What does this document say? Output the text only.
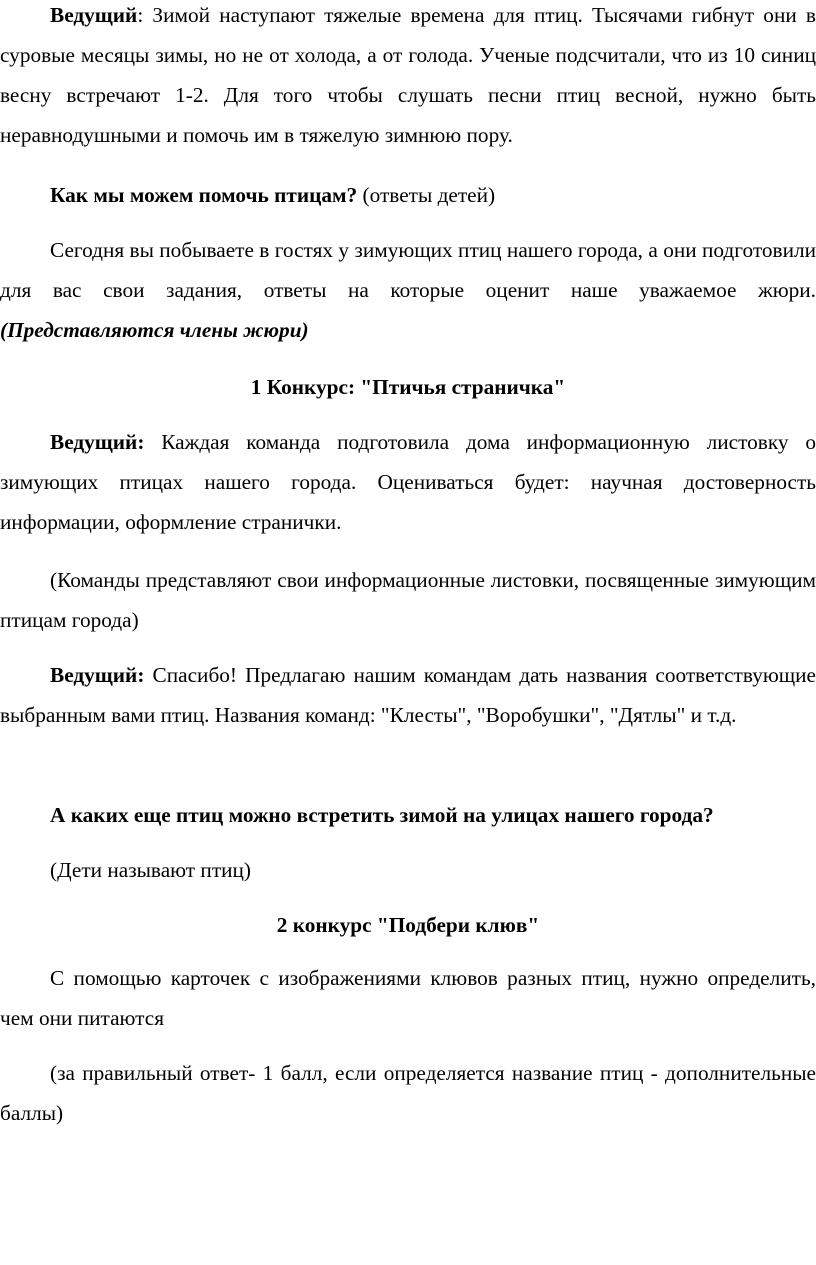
Ведущий: Зимой наступают тяжелые времена для птиц. Тысячами гибнут они в суровые месяцы зимы, но не от холода, а от голода. Ученые подсчитали, что из 10 синиц весну встречают 1-2. Для того чтобы слушать песни птиц весной, нужно быть неравнодушными и помочь им в тяжелую зимнюю пору.

Как мы можем помочь птицам? (ответы детей)

Сегодня вы побываете в гостях у зимующих птиц нашего города, а они подготовили для вас свои задания, ответы на которые оценит наше уважаемое жюри. (Представляются члены жюри)

1 Конкурс: "Птичья страничка"

Ведущий: Каждая команда подготовила дома информационную листовку о зимующих птицах нашего города. Оцениваться будет: научная достоверность информации, оформление странички.

(Команды представляют свои информационные листовки, посвященные зимующим птицам города)

Ведущий: Спасибо! Предлагаю нашим командам дать названия соответствующие выбранным вами птиц. Названия команд: "Клесты", "Воробушки", "Дятлы" и т.д.

А каких еще птиц можно встретить зимой на улицах нашего города?

(Дети называют птиц)

2 конкурс "Подбери клюв"

С помощью карточек с изображениями клювов разных птиц, нужно определить, чем они питаются

(за правильный ответ- 1 балл, если определяется название птиц - дополнительные баллы)
